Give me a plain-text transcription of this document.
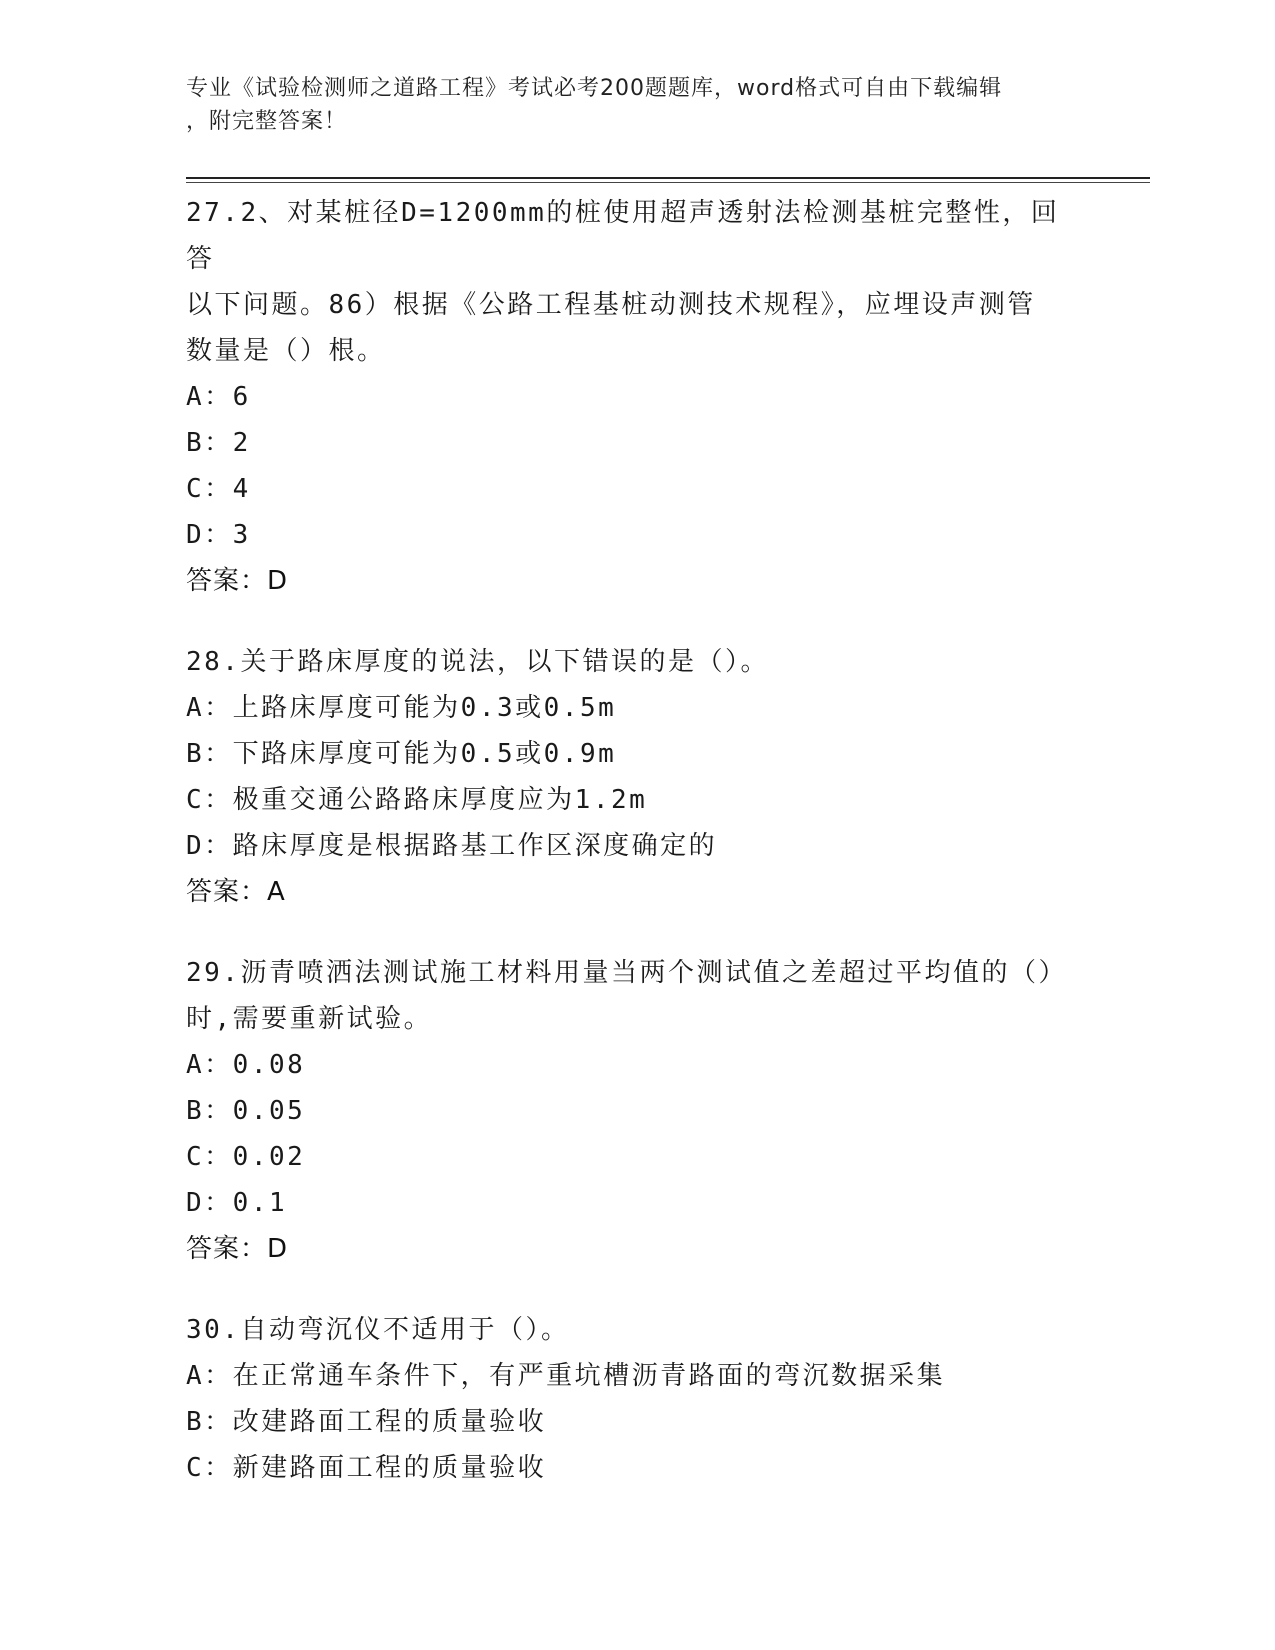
专业《试验检测师之道路工程》考试必考200题题库，word格式可自由下载编辑
，附完整答案！
27.2、对某桩径D=1200mm的桩使用超声透射法检测基桩完整性，回答
以下问题。86）根据《公路工程基桩动测技术规程》，应埋设声测管
数量是（）根。
A ： 6
B ： 2
C ： 4
D ： 3
答案：D
28.关于路床厚度的说法，以下错误的是（）。
A ： 上路床厚度可能为0.3或0.5m
B ： 下路床厚度可能为0.5或0.9m
C ： 极重交通公路路床厚度应为1.2m
D ： 路床厚度是根据路基工作区深度确定的
答案：A
29.沥青喷洒法测试施工材料用量当两个测试值之差超过平均值的（）
时,需要重新试验。
A ： 0.08
B ： 0.05
C ： 0.02
D ： 0.1
答案：D
30.自动弯沉仪不适用于（）。
A ： 在正常通车条件下，有严重坑槽沥青路面的弯沉数据采集
B ： 改建路面工程的质量验收
C ： 新建路面工程的质量验收
